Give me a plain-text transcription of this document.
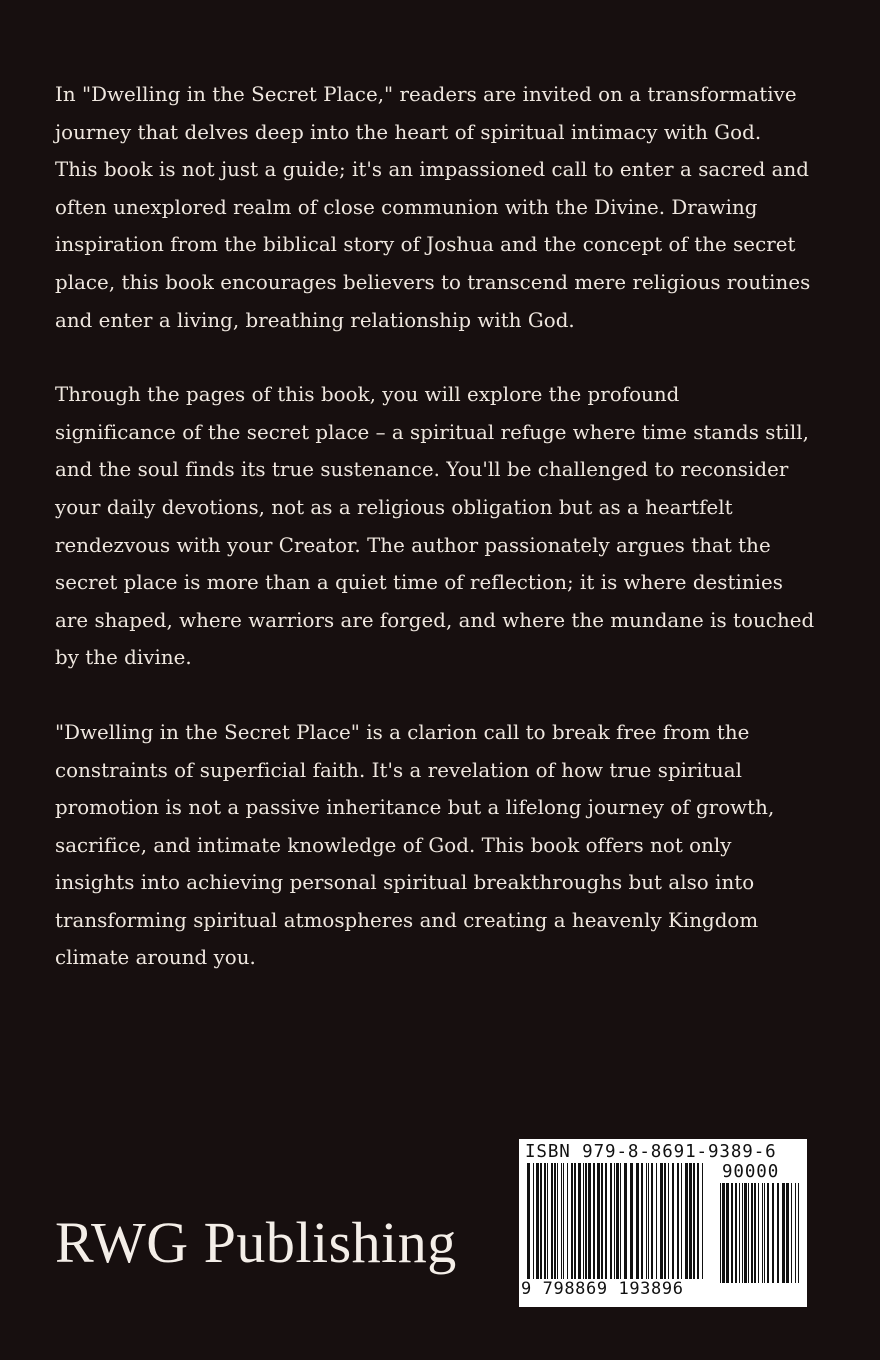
In "Dwelling in the Secret Place," readers are invited on a transformative
journey that delves deep into the heart of spiritual intimacy with God.
This book is not just a guide; it's an impassioned call to enter a sacred and
often unexplored realm of close communion with the Divine. Drawing
inspiration from the biblical story of Joshua and the concept of the secret
place, this book encourages believers to transcend mere religious routines
and enter a living, breathing relationship with God.

Through the pages of this book, you will explore the profound
significance of the secret place – a spiritual refuge where time stands still,
and the soul finds its true sustenance. You'll be challenged to reconsider
your daily devotions, not as a religious obligation but as a heartfelt
rendezvous with your Creator. The author passionately argues that the
secret place is more than a quiet time of reflection; it is where destinies
are shaped, where warriors are forged, and where the mundane is touched
by the divine.

"Dwelling in the Secret Place" is a clarion call to break free from the
constraints of superficial faith. It's a revelation of how true spiritual
promotion is not a passive inheritance but a lifelong journey of growth,
sacrifice, and intimate knowledge of God. This book offers not only
insights into achieving personal spiritual breakthroughs but also into
transforming spiritual atmospheres and creating a heavenly Kingdom
climate around you.

RWG Publishing
ISBN 979-8-8691-9389-6
90000
9 798869 193896
